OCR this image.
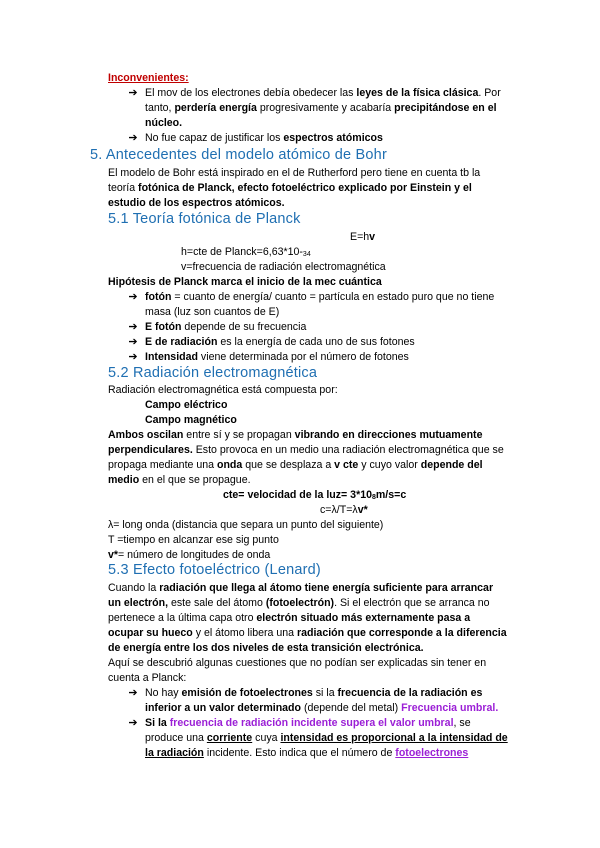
Inconvenientes:
➔ El mov de los electrones debía obedecer las leyes de la física clásica. Por
tanto, perdería energía progresivamente y acabaría precipitándose en el
núcleo.
➔ No fue capaz de justificar los espectros atómicos
5. Antecedentes del modelo atómico de Bohr
El modelo de Bohr está inspirado en el de Rutherford pero tiene en cuenta tb la
teoría fotónica de Planck, efecto fotoeléctrico explicado por Einstein y el
estudio de los espectros atómicos.
5.1 Teoría fotónica de Planck
E=hv
h=cte de Planck=6,63*10-34
v=frecuencia de radiación electromagnética
Hipótesis de Planck marca el inicio de la mec cuántica
➔ fotón = cuanto de energía/ cuanto = partícula en estado puro que no tiene
masa (luz son cuantos de E)
➔ E fotón depende de su frecuencia
➔ E de radiación es la energía de cada uno de sus fotones
➔ Intensidad viene determinada por el número de fotones
5.2 Radiación electromagnética
Radiación electromagnética está compuesta por:
Campo eléctrico
Campo magnético
Ambos oscilan entre sí y se propagan vibrando en direcciones mutuamente
perpendiculares. Esto provoca en un medio una radiación electromagnética que se
propaga mediante una onda que se desplaza a v cte y cuyo valor depende del
medio en el que se propague.
cte= velocidad de la luz= 3*108m/s=c
c=λ/T=λv*
λ= long onda (distancia que separa un punto del siguiente)
T =tiempo en alcanzar ese sig punto
v*= número de longitudes de onda
5.3 Efecto fotoeléctrico (Lenard)
Cuando la radiación que llega al átomo tiene energía suficiente para arrancar
un electrón, este sale del átomo (fotoelectrón). Si el electrón que se arranca no
pertenece a la última capa otro electrón situado más externamente pasa a
ocupar su hueco y el átomo libera una radiación que corresponde a la diferencia
de energía entre los dos niveles de esta transición electrónica.
Aquí se descubrió algunas cuestiones que no podían ser explicadas sin tener en
cuenta a Planck:
➔ No hay emisión de fotoelectrones si la frecuencia de la radiación es
inferior a un valor determinado (depende del metal) Frecuencia umbral.
➔ Si la frecuencia de radiación incidente supera el valor umbral, se
produce una corriente cuya intensidad es proporcional a la intensidad de
la radiación incidente. Esto indica que el número de fotoelectrones
